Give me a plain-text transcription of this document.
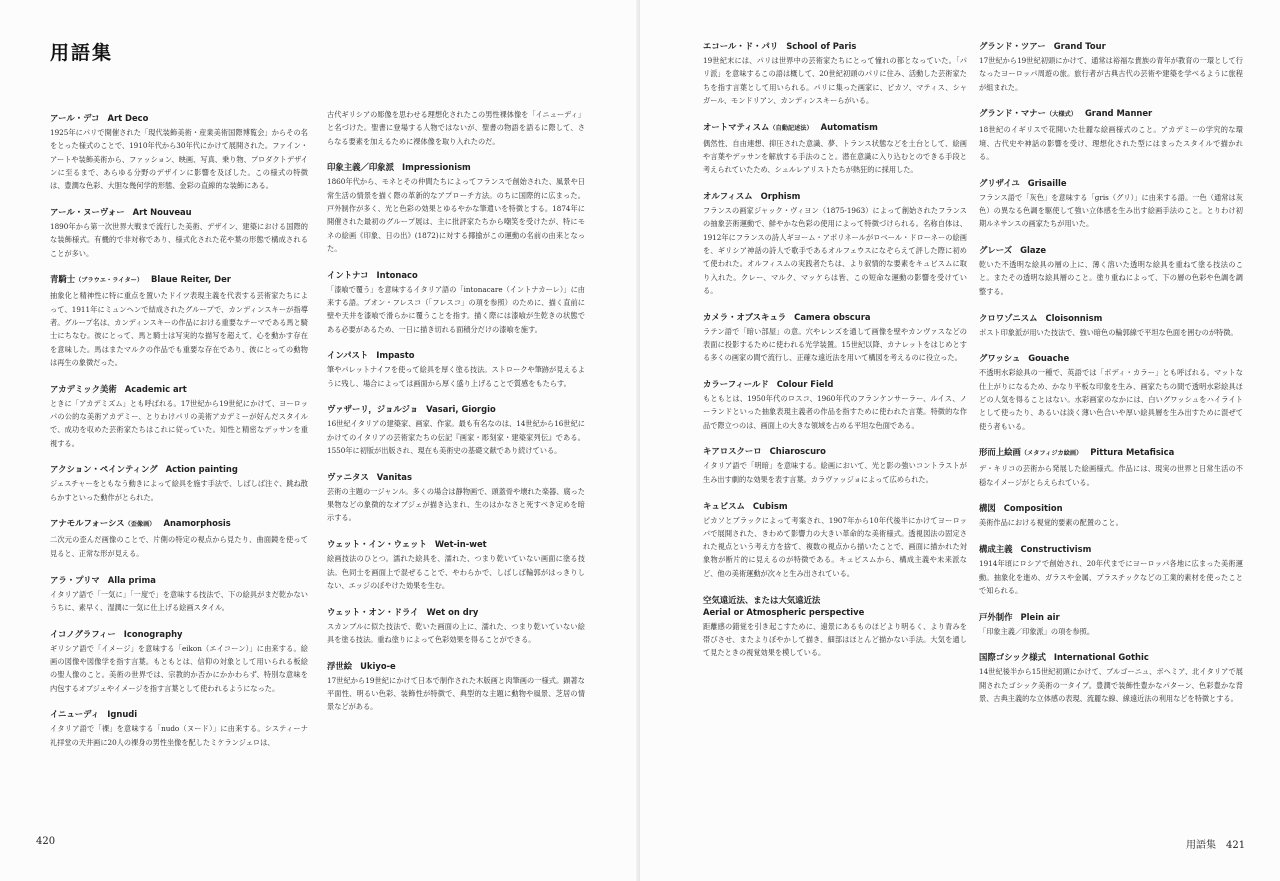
用語集
アール・デコ Art Deco

1925年にパリで開催された「現代装飾美術・産業美術国際博覧会」からその名をとった様式のことで、1910年代から30年代にかけて展開された。ファイン・アートや装飾美術から、ファッション、映画、写真、乗り物、プロダクトデザインに至るまで、あらゆる分野のデザインに影響を及ぼした。この様式の特徴は、豊潤な色彩、大胆な幾何学的形態、金彩の直線的な装飾にある。

アール・ヌーヴォー Art Nouveau

1890年から第一次世界大戦まで流行した美術、デザイン、建築における国際的な装飾様式。有機的で非対称であり、様式化された花や葉の形態で構成されることが多い。

青騎士（ブラウエ・ライター） Blaue Reiter, Der

抽象化と精神性に特に重点を置いたドイツ表現主義を代表する芸術家たちによって、1911年にミュンヘンで結成されたグループで、カンディンスキーが指導者。グループ名は、カンディンスキーの作品における重要なテーマである馬と騎士にちなむ。彼にとって、馬と騎士は写実的な描写を超えて、心を動かす存在を意味した。馬はまたマルクの作品でも重要な存在であり、彼にとっての動物は再生の象徴だった。

アカデミック美術 Academic art

ときに「アカデミズム」とも呼ばれる。17世紀から19世紀にかけて、ヨーロッパの公的な美術アカデミー、とりわけパリの美術アカデミーが好んだスタイルで、成功を収めた芸術家たちはこれに従っていた。知性と精密なデッサンを重視する。

アクション・ペインティング Action painting

ジェスチャーをともなう動きによって絵具を施す手法で、しばしば注ぐ、跳ね散らかすといった動作がとられた。

アナモルフォーシス（歪像画） Anamorphosis

二次元の歪んだ画像のことで、片側の特定の視点から見たり、曲面鏡を使って見ると、正常な形が見える。

アラ・プリマ Alla prima

イタリア語で「一気に」「一度で」を意味する技法で、下の絵具がまだ乾かないうちに、素早く、湿潤に一気に仕上げる絵画スタイル。

イコノグラフィー Iconography

ギリシア語で「イメージ」を意味する「eikon（エイコーン）」に由来する。絵画の図像や図像学を指す言葉。もともとは、信仰の対象として用いられる板絵の聖人像のこと。美術の世界では、宗教的か否かにかかわらず、特別な意味を内包するオブジェやイメージを指す言葉として使われるようになった。

イニューディ Ignudi

イタリア語で「裸」を意味する「nudo（ヌード）」に由来する。システィーナ礼拝堂の天井画に20人の裸身の男性坐像を配したミケランジェロは、

古代ギリシアの彫像を思わせる理想化されたこの男性裸体像を「イニューディ」と名づけた。聖書に登場する人物ではないが、聖書の物語を語るに際して、さらなる要素を加えるために裸体像を取り入れたのだ。

印象主義／印象派 Impressionism

1860年代から、モネとその仲間たちによってフランスで創始された、風景や日常生活の情景を描く際の革新的なアプローチ方法。のちに国際的に広まった。戸外制作が多く、光と色彩の効果とゆるやかな筆遣いを特徴とする。1874年に開催された最初のグループ展は、主に批評家たちから嘲笑を受けたが、特にモネの絵画《印象、日の出》(1872)に対する揶揄がこの運動の名前の由来となった。

イントナコ Intonaco

「漆喰で覆う」を意味するイタリア語の「intonacare（イントナカーレ）」に由来する語。ブオン・フレスコ（「フレスコ」の項を参照）のために、描く直前に壁や天井を漆喰で滑らかに覆うことを指す。描く際には漆喰が生乾きの状態である必要があるため、一日に描き切れる面積分だけの漆喰を施す。

インパスト Impasto

筆やパレットナイフを使って絵具を厚く塗る技法。ストロークや筆跡が見えるように残し、場合によっては画面から厚く盛り上げることで質感をもたらす。

ヴァザーリ，ジョルジョ Vasari, Giorgio

16世紀イタリアの建築家、画家、作家。最も有名なのは、14世紀から16世紀にかけてのイタリアの芸術家たちの伝記『画家・彫刻家・建築家列伝』である。1550年に初版が出版され、現在も美術史の基礎文献であり続けている。

ヴァニタス Vanitas

芸術の主題の一ジャンル。多くの場合は静物画で、頭蓋骨や壊れた楽器、腐った果物などの象徴的なオブジェが描き込まれ、生のはかなさと死すべき定めを暗示する。

ウェット・イン・ウェット Wet-in-wet

絵画技法のひとつ。濡れた絵具を、濡れた、つまり乾いていない画面に塗る技法。色同士を画面上で混ぜることで、やわらかで、しばしば輪郭がはっきりしない、エッジのぼやけた効果を生む。

ウェット・オン・ドライ Wet on dry

スカンブルに似た技法で、乾いた画面の上に、濡れた、つまり乾いていない絵具を塗る技法。重ね塗りによって色彩効果を得ることができる。

浮世絵 Ukiyo-e

17世紀から19世紀にかけて日本で制作された木版画と肉筆画の一様式。顕著な平面性、明るい色彩、装飾性が特徴で、典型的な主題に動物や風景、芝居の情景などがある。

420
エコール・ド・パリ School of Paris

19世紀末には、パリは世界中の芸術家たちにとって憧れの都となっていた。「パリ派」を意味するこの語は概して、20世紀初頭のパリに住み、活動した芸術家たちを指す言葉として用いられる。パリに集った画家に、ピカソ、マティス、シャガール、モンドリアン、カンディンスキーらがいる。

オートマティスム（自動記述法） Automatism

偶然性、自由連想、抑圧された意識、夢、トランス状態などを土台として、絵画や言葉やデッサンを解放する手法のこと。潜在意識に入り込むとのできる手段と考えられていたため、シュルレアリストたちが熱狂的に採用した。

オルフィスム Orphism

フランスの画家ジャック・ヴィヨン（1875-1963）によって創始されたフランスの抽象芸術運動で、鮮やかな色彩の使用によって特徴づけられる。名称自体は、1912年にフランスの詩人ギヨーム・アポリネールがロベール・ドローネーの絵画を、ギリシア神話の詩人で歌手であるオルフェウスになぞらえて評した際に初めて使われた。オルフィスムの実践者たちは、より叙情的な要素をキュビスムに取り入れた。クレー、マルク、マッケらは皆、この短命な運動の影響を受けている。

カメラ・オブスキュラ Camera obscura

ラテン語で「暗い部屋」の意。穴やレンズを通して画像を壁やカンヴァスなどの表面に投影するために使われる光学装置。15世紀以降、カナレットをはじめとする多くの画家の間で流行し、正確な遠近法を用いて構図を考えるのに役立った。

カラーフィールド Colour Field

もともとは、1950年代のロスコ、1960年代のフランケンサーラー、ルイス、ノーランドといった抽象表現主義者の作品を指すために使われた言葉。特徴的な作品で際立つのは、画面上の大きな領域を占める平坦な色面である。

キアロスクーロ Chiaroscuro

イタリア語で「明暗」を意味する。絵画において、光と影の強いコントラストが生み出す劇的な効果を表す言葉。カラヴァッジョによって広められた。

キュビスム Cubism

ピカソとブラックによって考案され、1907年から10年代後半にかけてヨーロッパで展開された、きわめて影響力の大きい革命的な美術様式。透視図法の固定された視点という考え方を捨て、複数の視点から描いたことで、画面に描かれた対象物が断片的に見えるのが特徴である。キュビスムから、構成主義や未来派など、他の美術運動が次々と生み出されている。

空気遠近法、または大気遠近法
Aerial or Atmospheric perspective

距離感の錯覚を引き起こすために、遠景にあるものほどより明るく、より青みを帯びさせ、またよりぼやかして描き、細部はほとんど描かない手法。大気を通して見たときの視覚効果を模している。

グランド・ツアー Grand Tour

17世紀から19世紀初頭にかけて、通常は裕福な貴族の青年が教育の一環として行なったヨーロッパ周遊の旅。旅行者が古典古代の芸術や建築を学べるように旅程が組まれた。

グランド・マナー（大様式） Grand Manner

18世紀のイギリスで花開いた壮麗な絵画様式のこと。アカデミーの学究的な環境、古代史や神話の影響を受け、理想化された型にはまったスタイルで描かれる。

グリザイユ Grisaille

フランス語で「灰色」を意味する「gris（グリ）」に由来する語。一色（通常は灰色）の異なる色調を駆使して強い立体感を生み出す絵画手法のこと。とりわけ初期ルネサンスの画家たちが用いた。

グレーズ Glaze

乾いた不透明な絵具の層の上に、薄く溶いた透明な絵具を重ねて塗る技法のこと。またその透明な絵具層のこと。塗り重ねによって、下の層の色彩や色調を調整する。

クロワゾニスム Cloisonnism

ポスト印象派が用いた技法で、強い暗色の輪郭線で平坦な色面を囲むのが特徴。

グワッシュ Gouache

不透明水彩絵具の一種で、英語では「ボディ・カラー」とも呼ばれる。マットな仕上がりになるため、かなり平板な印象を生み、画家たちの間で透明水彩絵具ほどの人気を得ることはない。水彩画家のなかには、白いグワッシュをハイライトとして使ったり、あるいは淡く薄い色合いや厚い絵具層を生み出すために混ぜて使う者もいる。

形而上絵画（メタフィジカ絵画） Pittura Metafisica

デ・キリコの芸術から発展した絵画様式。作品には、現実の世界と日常生活の不穏なイメージがとらえられている。

構図 Composition

美術作品における視覚的要素の配置のこと。

構成主義 Constructivism

1914年頃にロシアで創始され、20年代までにヨーロッパ各地に広まった美術運動。抽象化を進め、ガラスや金属、プラスチックなどの工業的素材を使ったことで知られる。

戸外制作 Plein air

「印象主義／印象派」の項を参照。

国際ゴシック様式 International Gothic

14世紀後半から15世紀初頭にかけて、ブルゴーニュ、ボヘミア、北イタリアで展開されたゴシック美術の一タイプ。豊潤で装飾性豊かなパターン、色彩豊かな背景、古典主義的な立体感の表現、流麗な線、線遠近法の利用などを特徴とする。

用語集 421
